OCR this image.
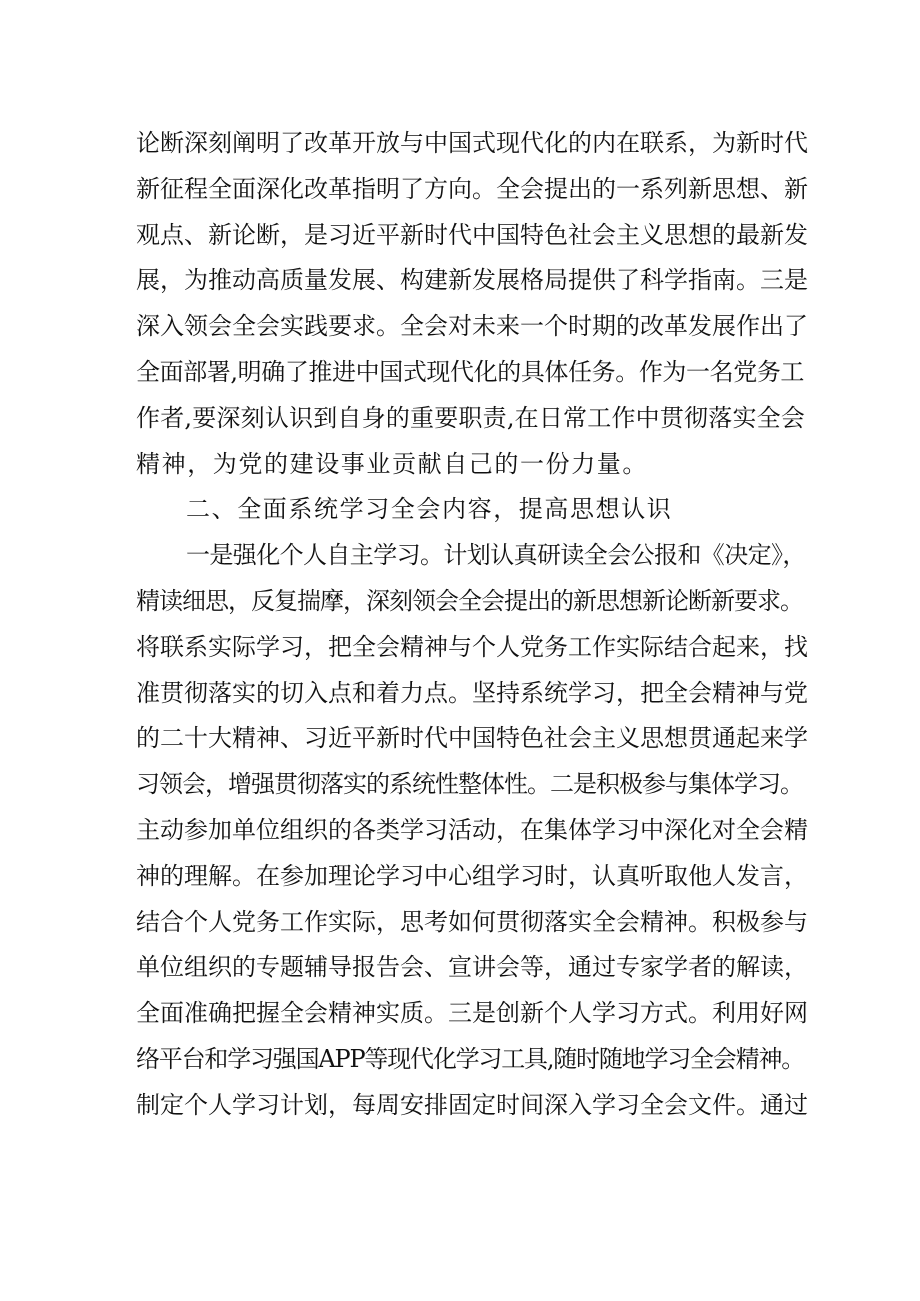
论断深刻阐明了改革开放与中国式现代化的内在联系，为新时代
新征程全面深化改革指明了方向。全会提出的一系列新思想、新
观点、新论断，是习近平新时代中国特色社会主义思想的最新发
展，为推动高质量发展、构建新发展格局提供了科学指南。三是
深入领会全会实践要求。全会对未来一个时期的改革发展作出了
全面部署,明确了推进中国式现代化的具体任务。作为一名党务工
作者,要深刻认识到自身的重要职责,在日常工作中贯彻落实全会
精神，为党的建设事业贡献自己的一份力量。
二、全面系统学习全会内容，提高思想认识
一是强化个人自主学习。计划认真研读全会公报和《决定》，
精读细思，反复揣摩，深刻领会全会提出的新思想新论断新要求。
将联系实际学习，把全会精神与个人党务工作实际结合起来，找
准贯彻落实的切入点和着力点。坚持系统学习，把全会精神与党
的二十大精神、习近平新时代中国特色社会主义思想贯通起来学
习领会，增强贯彻落实的系统性整体性。二是积极参与集体学习。
主动参加单位组织的各类学习活动，在集体学习中深化对全会精
神的理解。在参加理论学习中心组学习时，认真听取他人发言，
结合个人党务工作实际，思考如何贯彻落实全会精神。积极参与
单位组织的专题辅导报告会、宣讲会等，通过专家学者的解读，
全面准确把握全会精神实质。三是创新个人学习方式。利用好网
络平台和学习强国APP等现代化学习工具,随时随地学习全会精神。
制定个人学习计划，每周安排固定时间深入学习全会文件。通过
